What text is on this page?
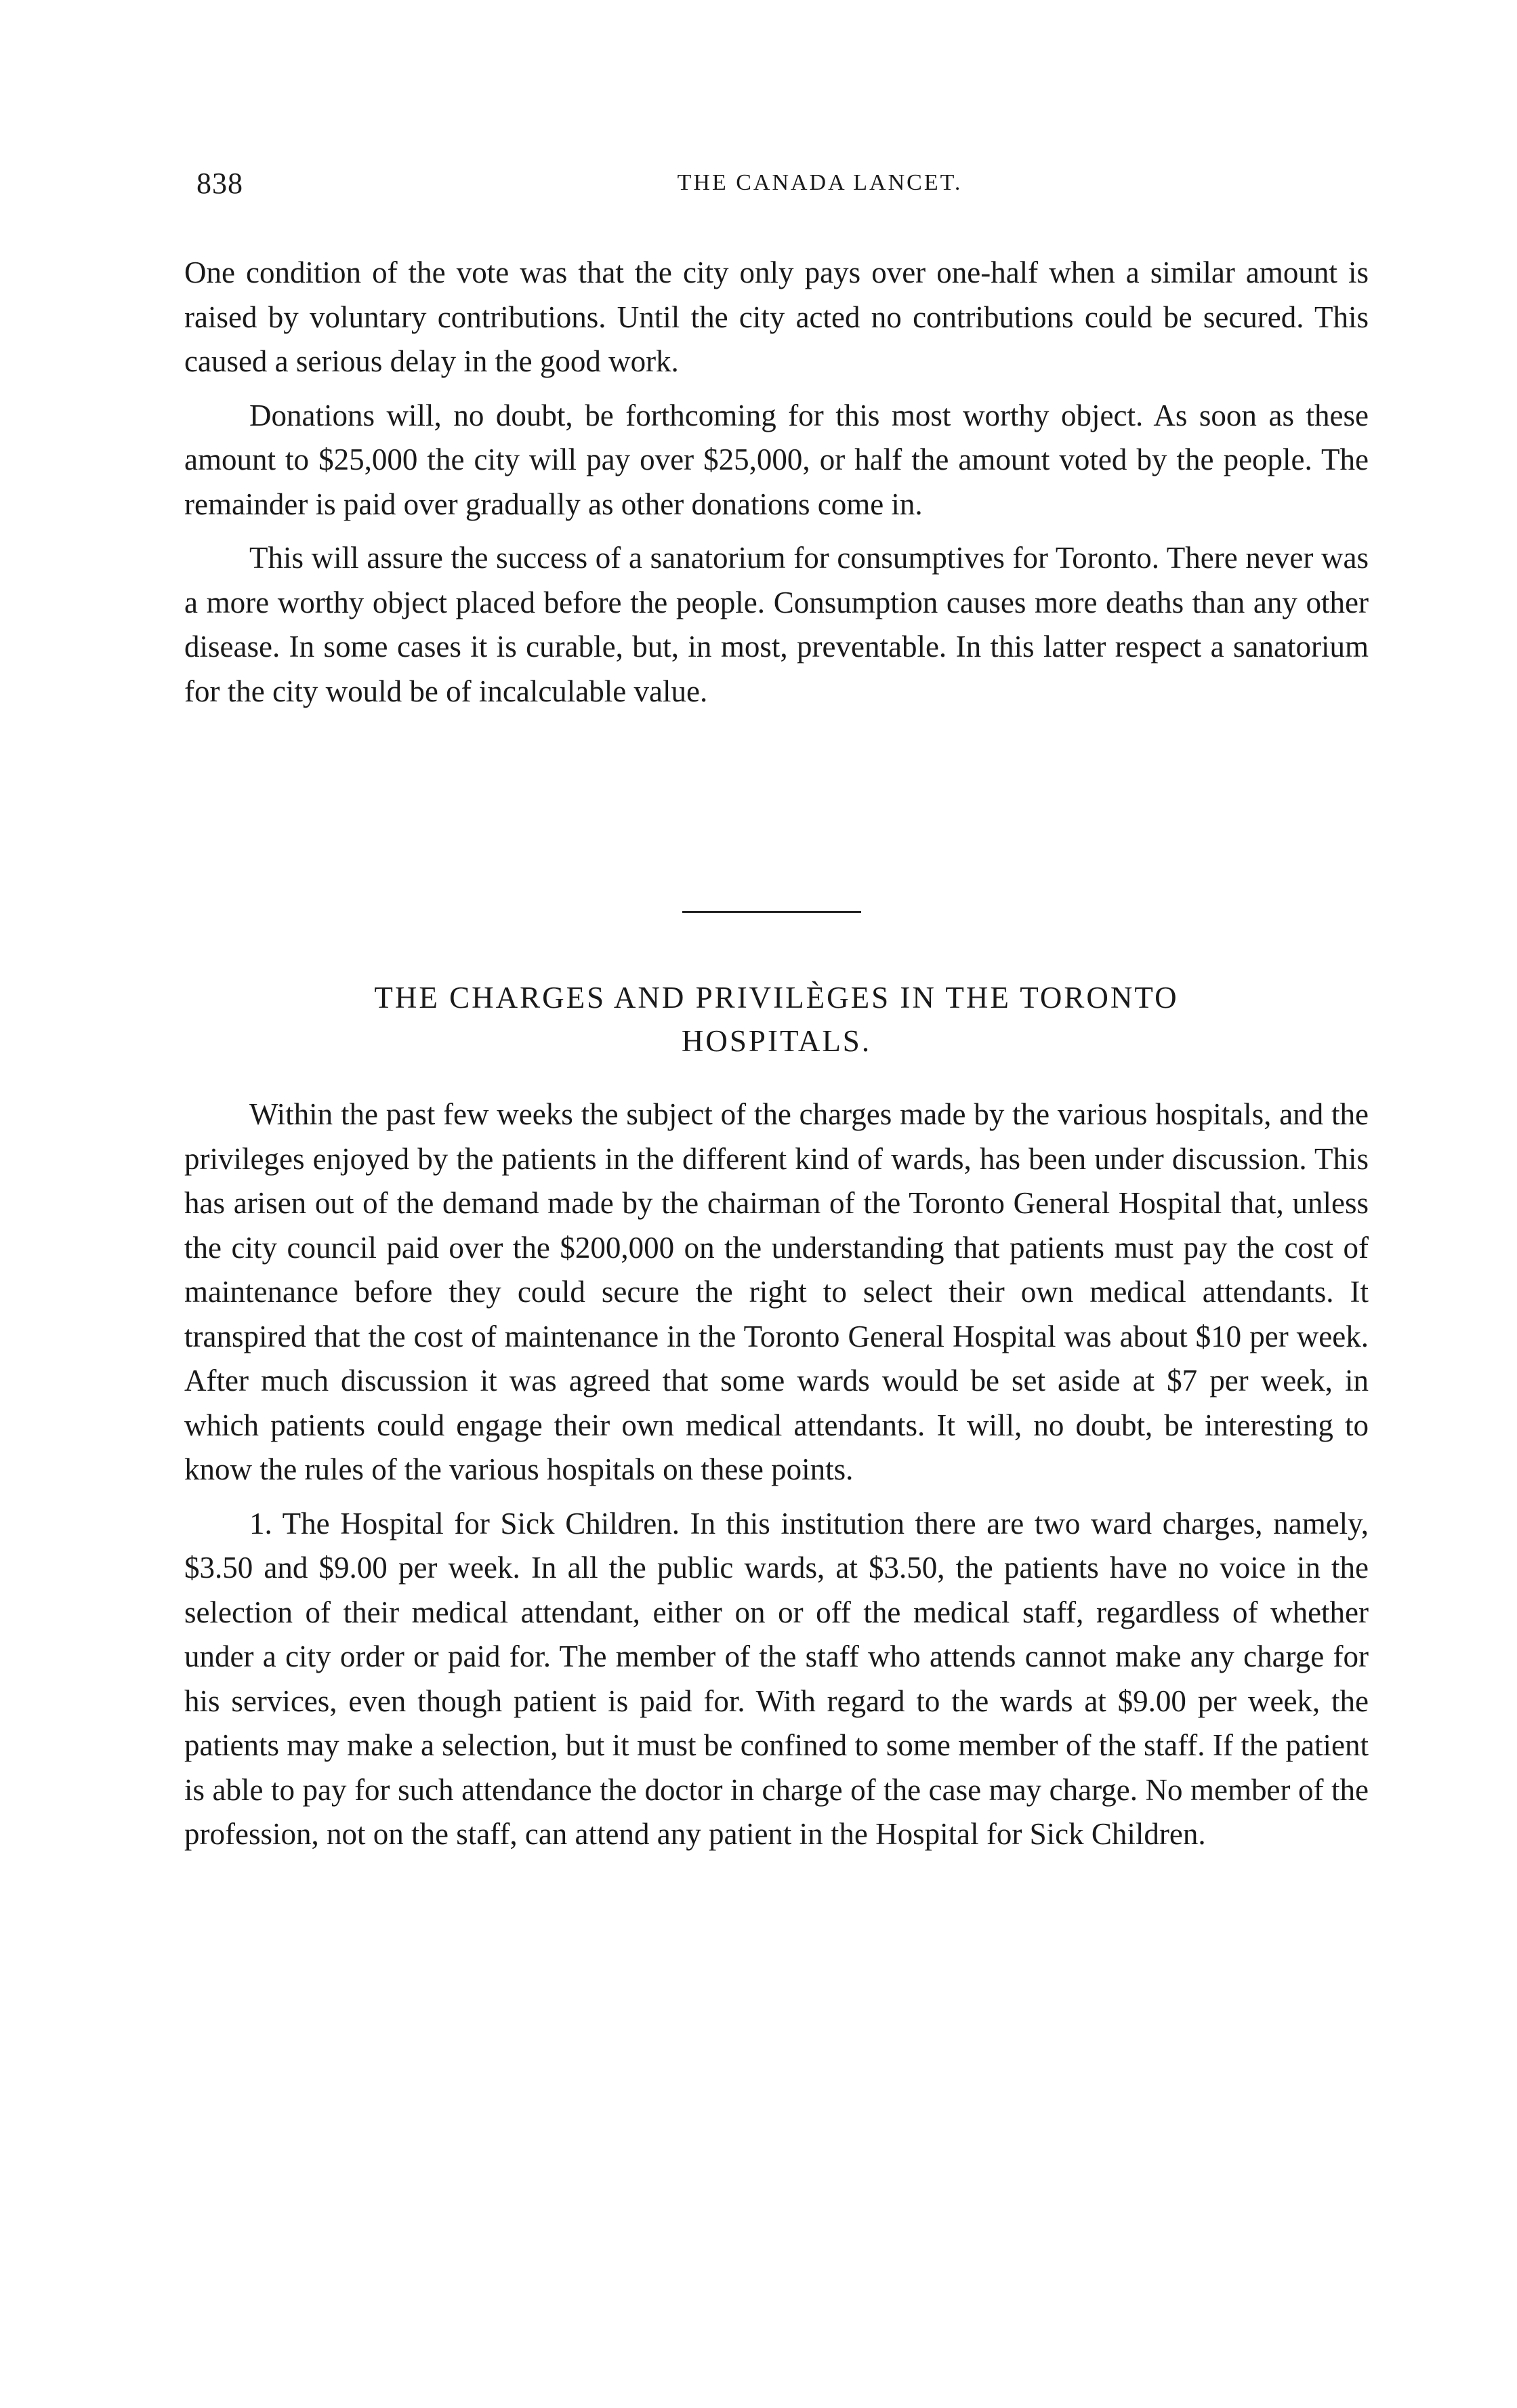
838	THE CANADA LANCET.

One condition of the vote was that the city only pays over one-half when a similar amount is raised by voluntary contributions. Until the city acted no contributions could be secured. This caused a serious delay in the good work.

Donations will, no doubt, be forthcoming for this most worthy object. As soon as these amount to $25,000 the city will pay over $25,000, or half the amount voted by the people. The remainder is paid over gradually as other donations come in.

This will assure the success of a sanatorium for consumptives for Toronto. There never was a more worthy object placed before the people. Consumption causes more deaths than any other disease. In some cases it is curable, but, in most, preventable. In this latter respect a sanatorium for the city would be of incalculable value.

THE CHARGES AND PRIVILÈGES IN THE TORONTO
HOSPITALS.

Within the past few weeks the subject of the charges made by the various hospitals, and the privileges enjoyed by the patients in the different kind of wards, has been under discussion. This has arisen out of the demand made by the chairman of the Toronto General Hospital that, unless the city council paid over the $200,000 on the understanding that patients must pay the cost of maintenance before they could secure the right to select their own medical attendants. It transpired that the cost of maintenance in the Toronto General Hospital was about $10 per week. After much discussion it was agreed that some wards would be set aside at $7 per week, in which patients could engage their own medical attendants. It will, no doubt, be interesting to know the rules of the various hospitals on these points.

1. The Hospital for Sick Children. In this institution there are two ward charges, namely, $3.50 and $9.00 per week. In all the public wards, at $3.50, the patients have no voice in the selection of their medical attendant, either on or off the medical staff, regardless of whether under a city order or paid for. The member of the staff who attends cannot make any charge for his services, even though patient is paid for. With regard to the wards at $9.00 per week, the patients may make a selection, but it must be confined to some member of the staff. If the patient is able to pay for such attendance the doctor in charge of the case may charge. No member of the profession, not on the staff, can attend any patient in the Hospital for Sick Children.
